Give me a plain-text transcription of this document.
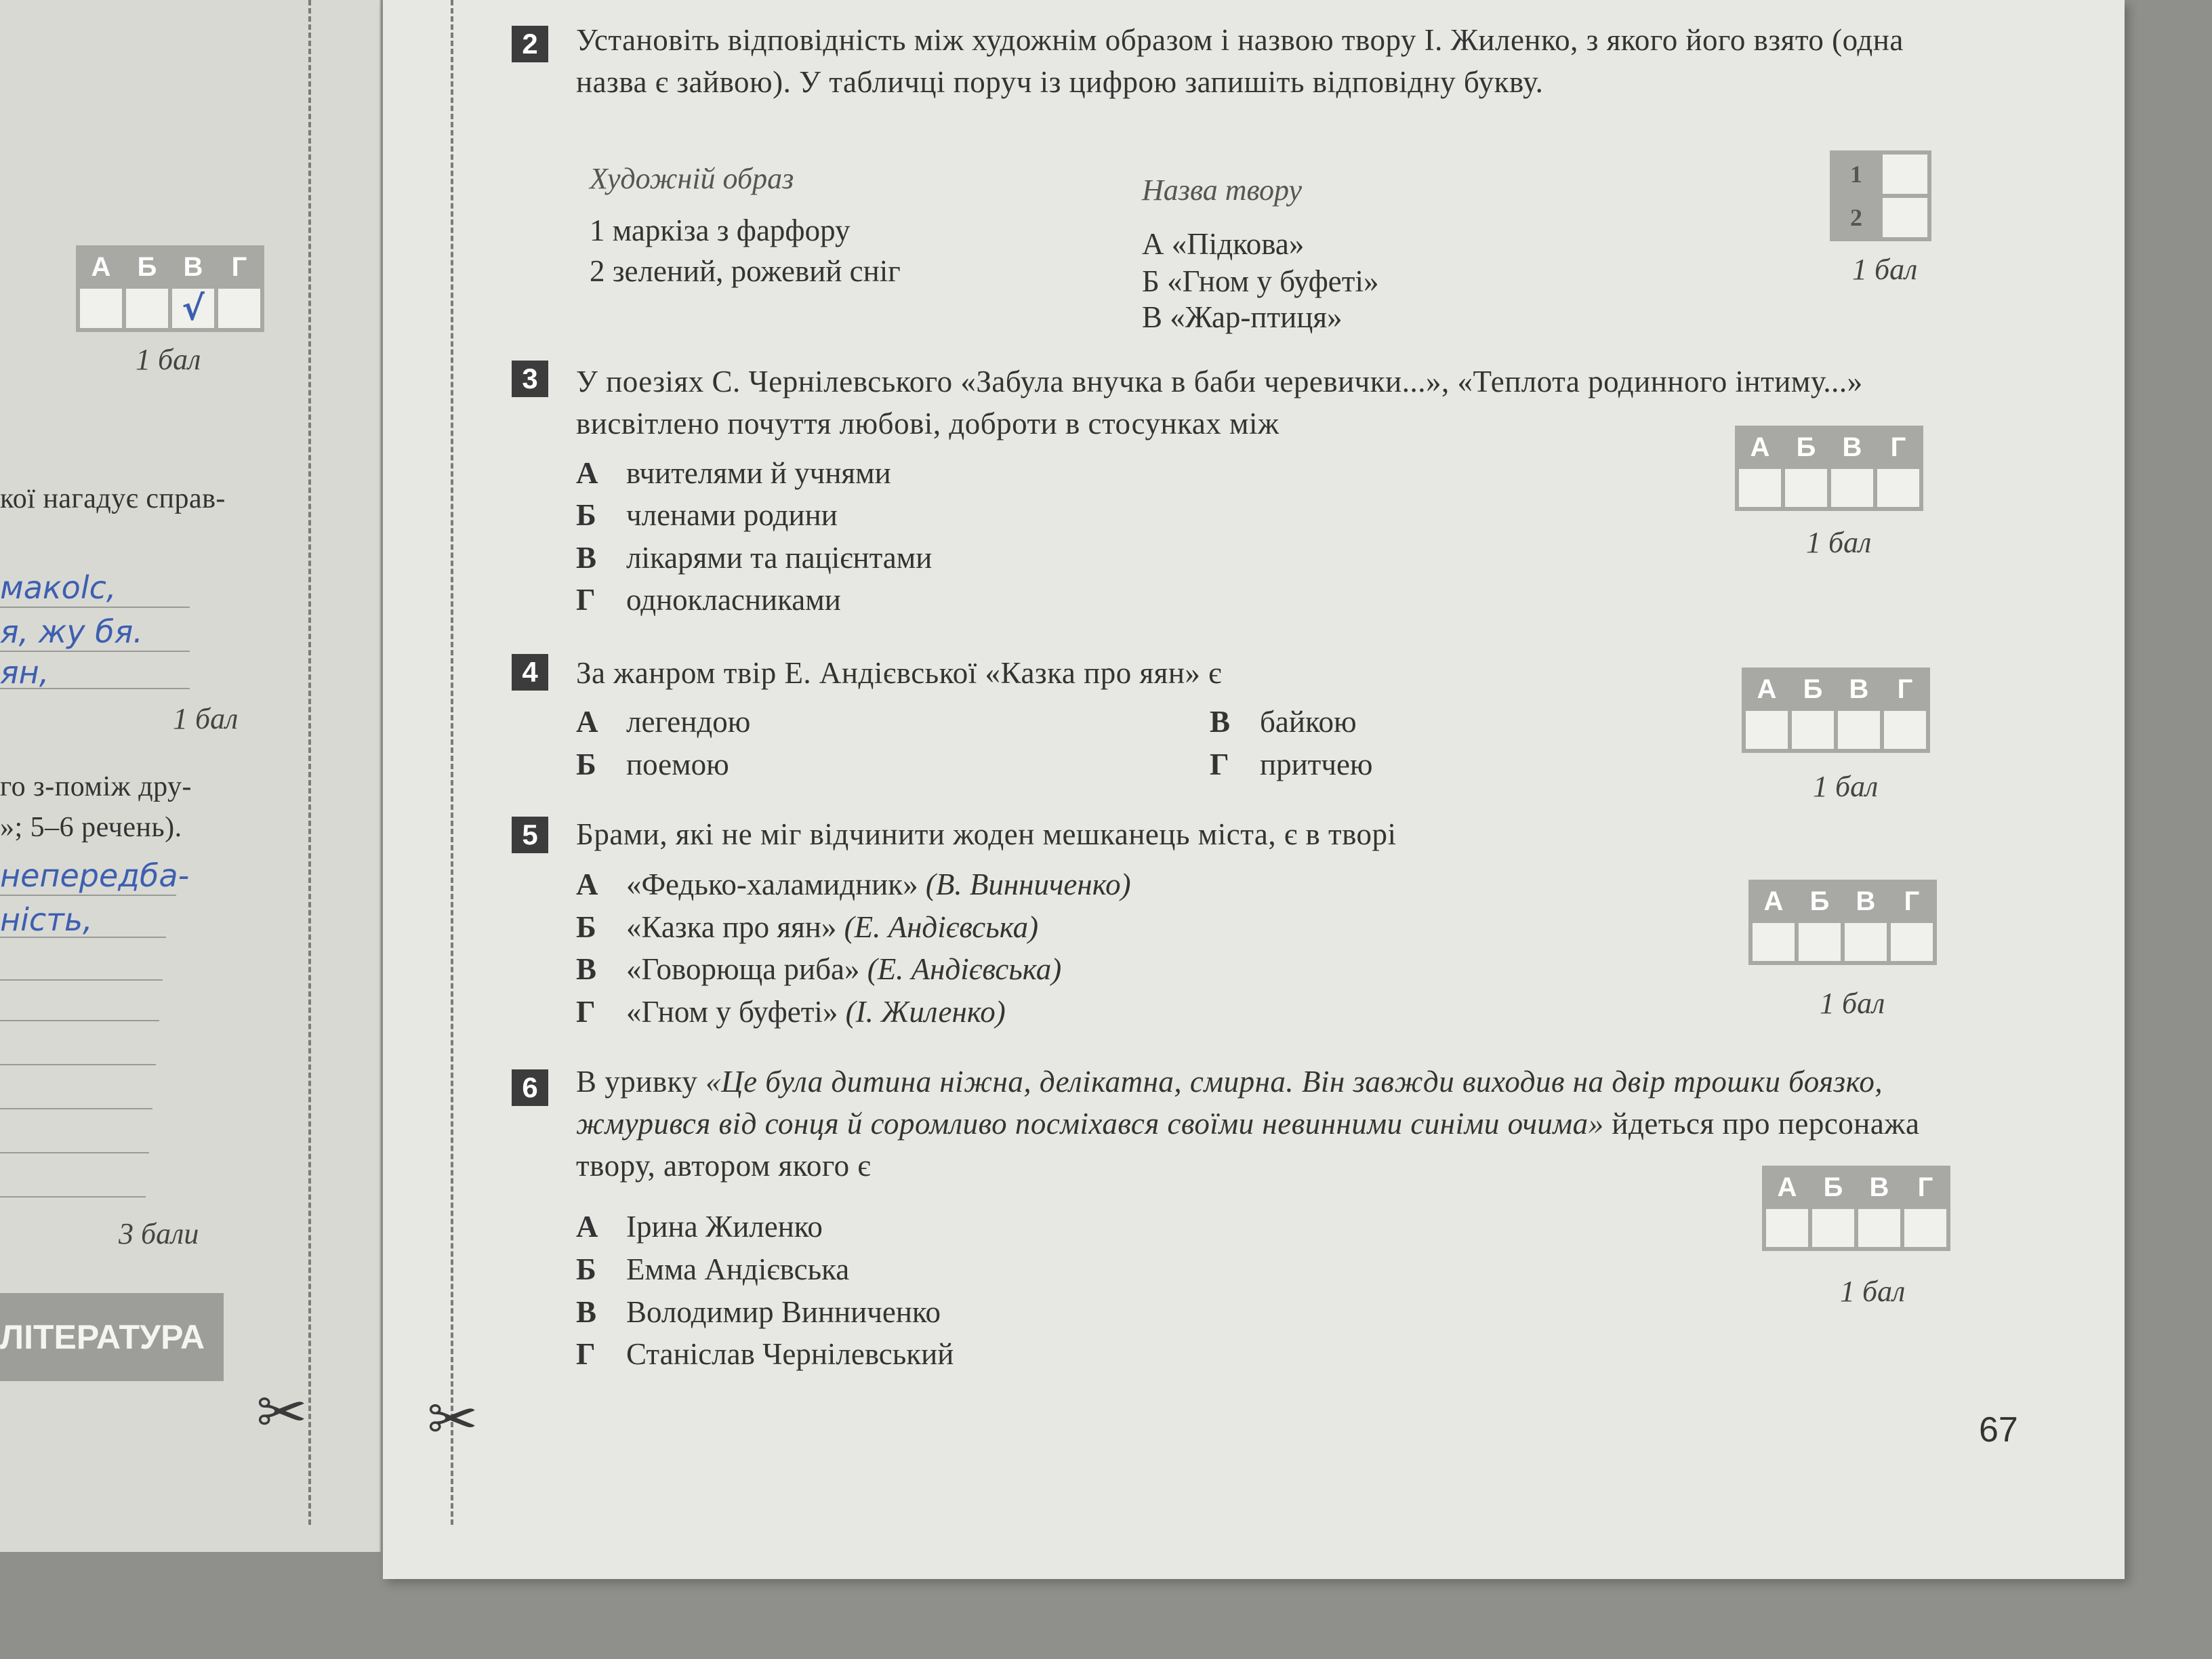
А	Б	В	Г
		√	
1 бал
кої нагадує справ-
макоlс,
я, жу бя.
ян,
1 бал
го з-поміж дру-
»; 5–6 речень).
непередба-
ність,
3 бали
ЛІТЕРАТУРА
✂ ✂
2	Установіть відповідність між художнім образом і назвою твору І. Жиленко, з якого його взято (одна назва є зайвою). У табличці поруч із цифрою запишіть відповідну букву.
Художній образ
1 маркіза з фарфору
2 зелений, рожевий сніг
Назва твору
А «Підкова»
Б «Гном у буфеті»
В «Жар-птиця»
1	
2	
1 бал
3	У поезіях С. Чернілевського «Забула внучка в баби черевички...», «Теплота родинного інтиму...» висвітлено почуття любові, доброти в стосунках між
А вчителями й учнями
Б членами родини
В лікарями та пацієнтами
Г однокласниками
А	Б	В	Г

1 бал
4	За жанром твір Е. Андієвської «Казка про яян» є
А легендою
Б поемою
В байкою
Г притчею
А	Б	В	Г

1 бал
5	Брами, які не міг відчинити жоден мешканець міста, є в творі
А «Федько-халамидник» (В. Винниченко)
Б «Казка про яян» (Е. Андієвська)
В «Говорюща риба» (Е. Андієвська)
Г «Гном у буфеті» (І. Жиленко)
А	Б	В	Г

1 бал
6	В уривку «Це була дитина ніжна, делікатна, смирна. Він завжди виходив на двір трошки боязко, жмурився від сонця й соромливо посміхався своїми невинними синіми очима» йдеться про персонажа твору, автором якого є
А Ірина Жиленко
Б Емма Андієвська
В Володимир Винниченко
Г Станіслав Чернілевський
А	Б	В	Г

1 бал
67
